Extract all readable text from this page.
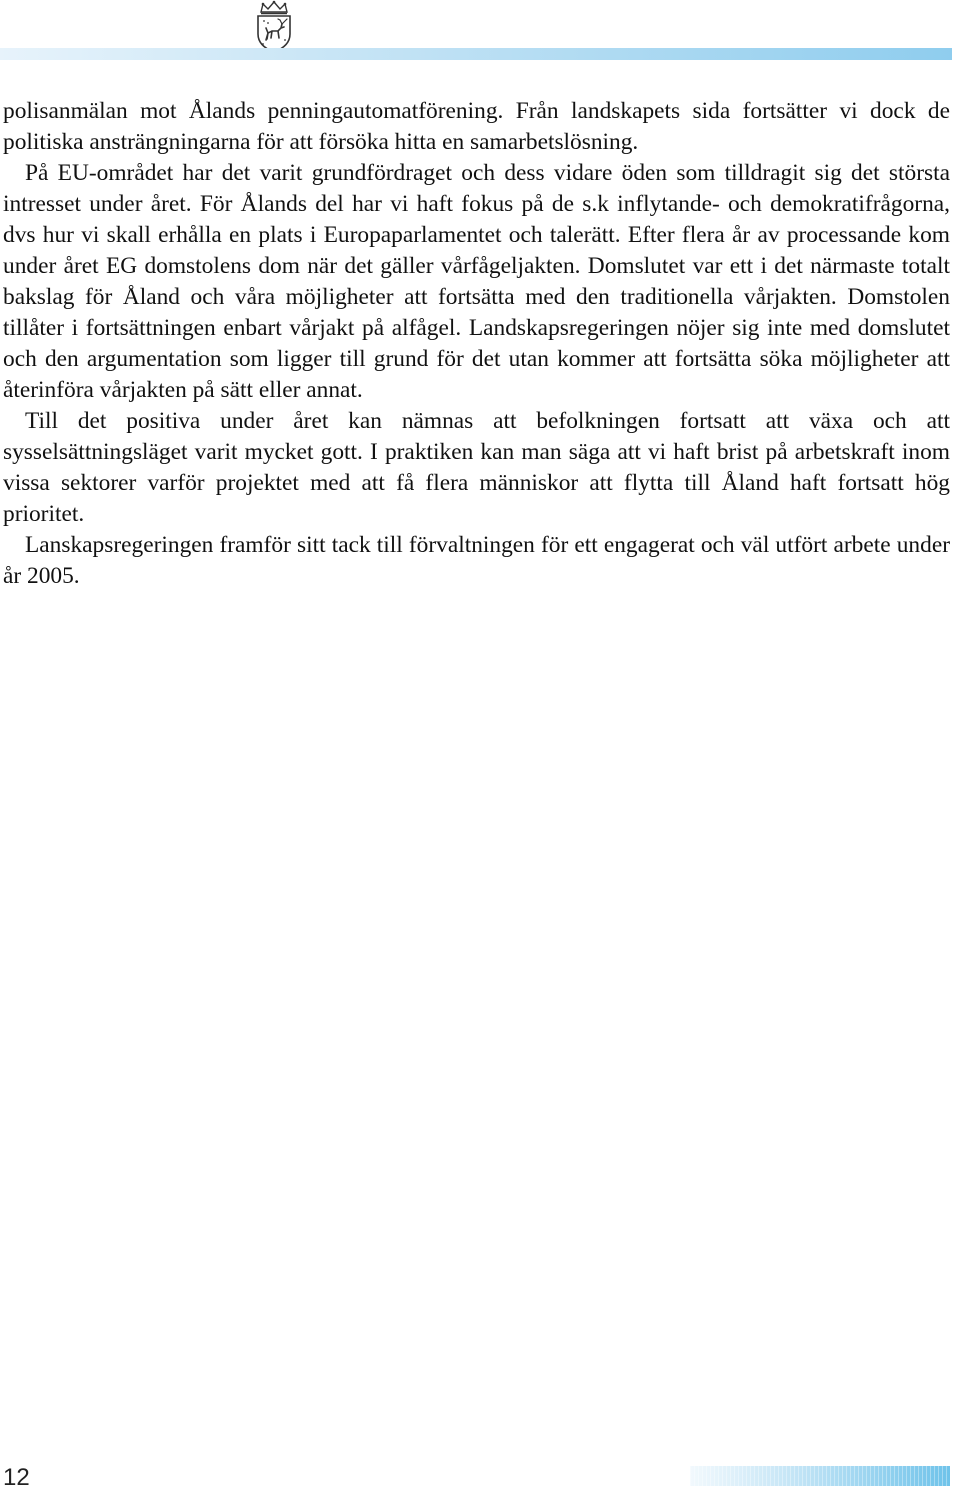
polisanmälan mot Ålands penningautomatförening. Från landskapets sida fortsätter vi dock de politiska ansträngningarna för att försöka hitta en samarbetslösning.

På EU-området har det varit grundfördraget och dess vidare öden som tilldragit sig det största intresset under året. För Ålands del har vi haft fokus på de s.k inflytande- och demokratifrågorna, dvs hur vi skall erhålla en plats i Europaparlamentet och talerätt. Efter flera år av processande kom under året EG domstolens dom när det gäller vårfågeljakten. Domslutet var ett i det närmaste totalt bakslag för Åland och våra möjligheter att fortsätta med den traditionella vårjakten. Domstolen tillåter i fortsättningen enbart vårjakt på alfågel. Landskapsregeringen nöjer sig inte med domslutet och den argumentation som ligger till grund för det utan kommer att fortsätta söka möjligheter att återinföra vårjakten på sätt eller annat.

Till det positiva under året kan nämnas att befolkningen fortsatt att växa och att sysselsättningsläget varit mycket gott. I praktiken kan man säga att vi haft brist på arbetskraft inom vissa sektorer varför projektet med att få flera människor att flytta till Åland haft fortsatt hög prioritet.

Lanskapsregeringen framför sitt tack till förvaltningen för ett engagerat och väl utfört arbete under år 2005.

12
